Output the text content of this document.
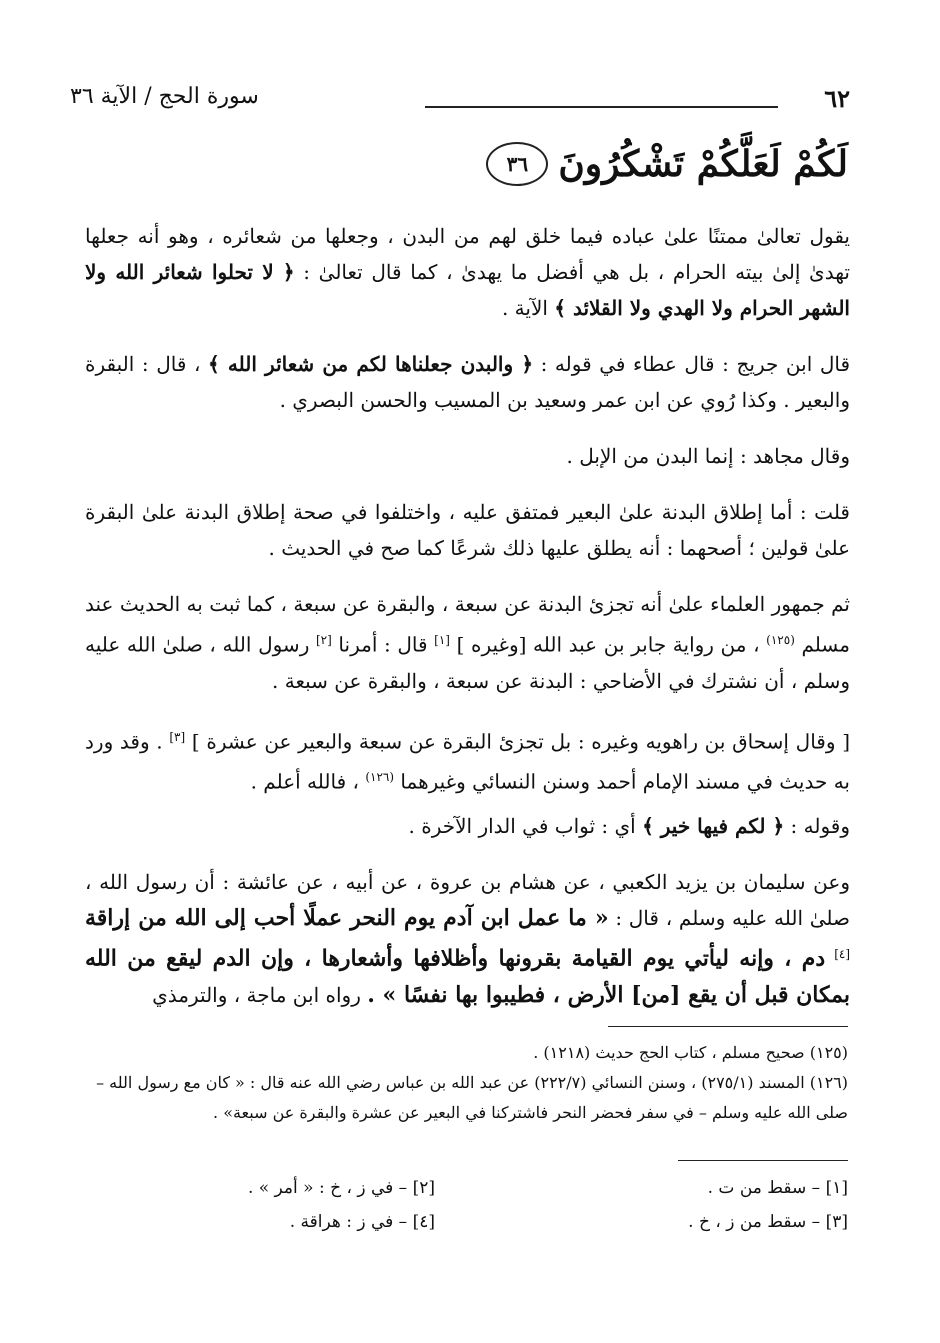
٦٢
سورة الحج / الآية ٣٦
لَكُمْ لَعَلَّكُمْ تَشْكُرُونَ
٣٦

يقول تعالىٰ ممتنًا علىٰ عباده فيما خلق لهم من البدن ، وجعلها من شعائره ، وهو أنه جعلها تهدىٰ إلىٰ بيته الحرام ، بل هي أفضل ما يهدىٰ ، كما قال تعالىٰ : ﴿ لا تحلوا شعائر الله ولا الشهر الحرام ولا الهدي ولا القلائد ﴾ الآية .

قال ابن جريج : قال عطاء في قوله : ﴿ والبدن جعلناها لكم من شعائر الله ﴾ ، قال : البقرة والبعير . وكذا رُوي عن ابن عمر وسعيد بن المسيب والحسن البصري .

وقال مجاهد : إنما البدن من الإبل .

قلت : أما إطلاق البدنة علىٰ البعير فمتفق عليه ، واختلفوا في صحة إطلاق البدنة علىٰ البقرة علىٰ قولين ؛ أصحهما : أنه يطلق عليها ذلك شرعًا كما صح في الحديث .

ثم جمهور العلماء علىٰ أنه تجزئ البدنة عن سبعة ، والبقرة عن سبعة ، كما ثبت به الحديث عند مسلم $^{(١٢٥)}$ ، من رواية جابر بن عبد الله [وغيره ] [١] قال : أمرنا [٢] رسول الله ، صلىٰ الله عليه وسلم ، أن نشترك في الأضاحي : البدنة عن سبعة ، والبقرة عن سبعة .

[ وقال إسحاق بن راهويه وغيره : بل تجزئ البقرة عن سبعة والبعير عن عشرة ] [٣] . وقد ورد به حديث في مسند الإمام أحمد وسنن النسائي وغيرهما $^{(١٢٦)}$ ، فالله أعلم .

وقوله : ﴿ لكم فيها خير ﴾ أي : ثواب في الدار الآخرة .

وعن سليمان بن يزيد الكعبي ، عن هشام بن عروة ، عن أبيه ، عن عائشة : أن رسول الله ، صلىٰ الله عليه وسلم ، قال : « ما عمل ابن آدم يوم النحر عملًا أحب إلى الله من إراقة [٤] دم ، وإنه ليأتي يوم القيامة بقرونها وأظلافها وأشعارها ، وإن الدم ليقع من الله بمكان قبل أن يقع [من] الأرض ، فطيبوا بها نفسًا » . رواه ابن ماجة ، والترمذي

(١٢٥) صحيح مسلم ، كتاب الحج حديث (١٢١٨) .

(١٢٦) المسند (٢٧٥/١) ، وسنن النسائي (٢٢٢/٧) عن عبد الله بن عباس رضي الله عنه قال : « كان مع رسول الله – صلى الله عليه وسلم – في سفر فحضر النحر فاشتركنا في البعير عن عشرة والبقرة عن سبعة» .

[١] – سقط من ت .
[٢] – في ز ، خ : « أمر » .
[٣] – سقط من ز ، خ .
[٤] – في ز : هراقة .
